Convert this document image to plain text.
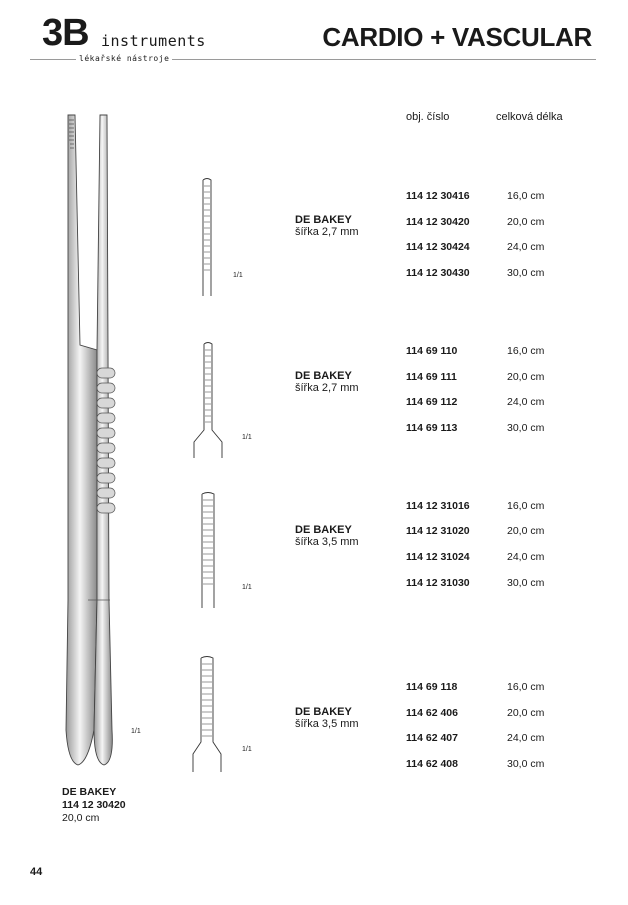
3B instruments
lékařské nástroje
CARDIO + VASCULAR
obj. číslo	celková délka
$^{1/1}$
DE BAKEY
114 12 30420
20,0 cm
$^{1/1}$
$^{1/1}$
$^{1/1}$
$^{1/1}$
DE BAKEY
šířka 2,7 mm
114 12 30416	16,0 cm
114 12 30420	20,0 cm
114 12 30424	24,0 cm
114 12 30430	30,0 cm
DE BAKEY
šířka 2,7 mm
114 69 110	16,0 cm
114 69 111	20,0 cm
114 69 112	24,0 cm
114 69 113	30,0 cm
DE BAKEY
šířka 3,5 mm
114 12 31016	16,0 cm
114 12 31020	20,0 cm
114 12 31024	24,0 cm
114 12 31030	30,0 cm
DE BAKEY
šířka 3,5 mm
114 69 118	16,0 cm
114 62 406	20,0 cm
114 62 407	24,0 cm
114 62 408	30,0 cm
44
